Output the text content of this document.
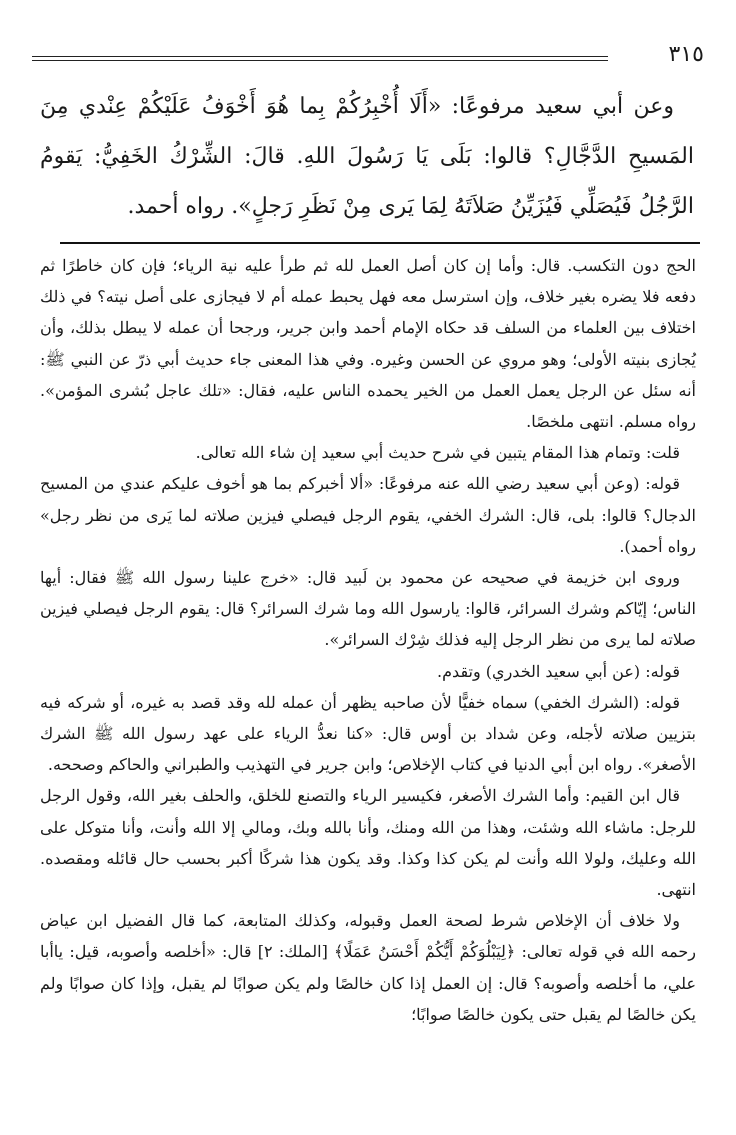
٣١٥

وعن أبي سعيد مرفوعًا: «أَلَا أُخْبِرُكُمْ بِما هُوَ أَخْوَفُ عَلَيْكُمْ عِنْدي مِنَ المَسيحِ الدَّجَّالِ؟ قالوا: بَلَى يَا رَسُولَ اللهِ. قالَ: الشِّرْكُ الخَفِيُّ: يَقومُ الرَّجُلُ فَيُصَلِّي فَيُزَيِّنُ صَلاَتَهُ لِمَا يَرى مِنْ نَظَرِ رَجلٍ». رواه أحمد.

الحج دون التكسب. قال: وأما إن كان أصل العمل لله ثم طرأ عليه نية الرياء؛ فإن كان خاطرًا ثم دفعه فلا يضره بغير خلاف، وإن استرسل معه فهل يحبط عمله أم لا فيجازى على أصل نيته؟ في ذلك اختلاف بين العلماء من السلف قد حكاه الإمام أحمد وابن جرير، ورجحا أن عمله لا يبطل بذلك، وأن يُجازى بنيته الأولى؛ وهو مروي عن الحسن وغيره. وفي هذا المعنى جاء حديث أبي ذرّ عن النبي ﷺ: أنه سئل عن الرجل يعمل العمل من الخير يحمده الناس عليه، فقال: «تلك عاجل بُشرى المؤمن». رواه مسلم. انتهى ملخصًا.

قلت: وتمام هذا المقام يتبين في شرح حديث أبي سعيد إن شاء الله تعالى.

قوله: (وعن أبي سعيد رضي الله عنه مرفوعًا: «ألا أخبركم بما هو أخوف عليكم عندي من المسيح الدجال؟ قالوا: بلى، قال: الشرك الخفي، يقوم الرجل فيصلي فيزين صلاته لما يَرى من نظر رجل» رواه أحمد).

وروى ابن خزيمة في صحيحه عن محمود بن لَبيد قال: «خرج علينا رسول الله ﷺ فقال: أيها الناس؛ إيّاكم وشرك السرائر، قالوا: يارسول الله وما شرك السرائر؟ قال: يقوم الرجل فيصلي فيزين صلاته لما يرى من نظر الرجل إليه فذلك شِرْك السرائر».

قوله: (عن أبي سعيد الخدري) وتقدم.

قوله: (الشرك الخفي) سماه خفيًّا لأن صاحبه يظهر أن عمله لله وقد قصد به غيره، أو شركه فيه بتزيين صلاته لأجله، وعن شداد بن أوس قال: «كنا نعدُّ الرياء على عهد رسول الله ﷺ الشرك الأصغر». رواه ابن أبي الدنيا في كتاب الإخلاص؛ وابن جرير في التهذيب والطبراني والحاكم وصححه.

قال ابن القيم: وأما الشرك الأصغر، فكيسير الرياء والتصنع للخلق، والحلف بغير الله، وقول الرجل للرجل: ماشاء الله وشئت، وهذا من الله ومنك، وأنا بالله وبك، ومالي إلا الله وأنت، وأنا متوكل على الله وعليك، ولولا الله وأنت لم يكن كذا وكذا. وقد يكون هذا شركًا أكبر بحسب حال قائله ومقصده. انتهى.

ولا خلاف أن الإخلاص شرط لصحة العمل وقبوله، وكذلك المتابعة، كما قال الفضيل ابن عياض رحمه الله في قوله تعالى: ﴿لِيَبْلُوَكُمْ أَيُّكُمْ أَحْسَنُ عَمَلًا﴾ [الملك: ٢] قال: «أخلصه وأصوبه، قيل: ياأبا علي، ما أخلصه وأصوبه؟ قال: إن العمل إذا كان خالصًا ولم يكن صوابًا لم يقبل، وإذا كان صوابًا ولم يكن خالصًا لم يقبل حتى يكون خالصًا صوابًا؛
